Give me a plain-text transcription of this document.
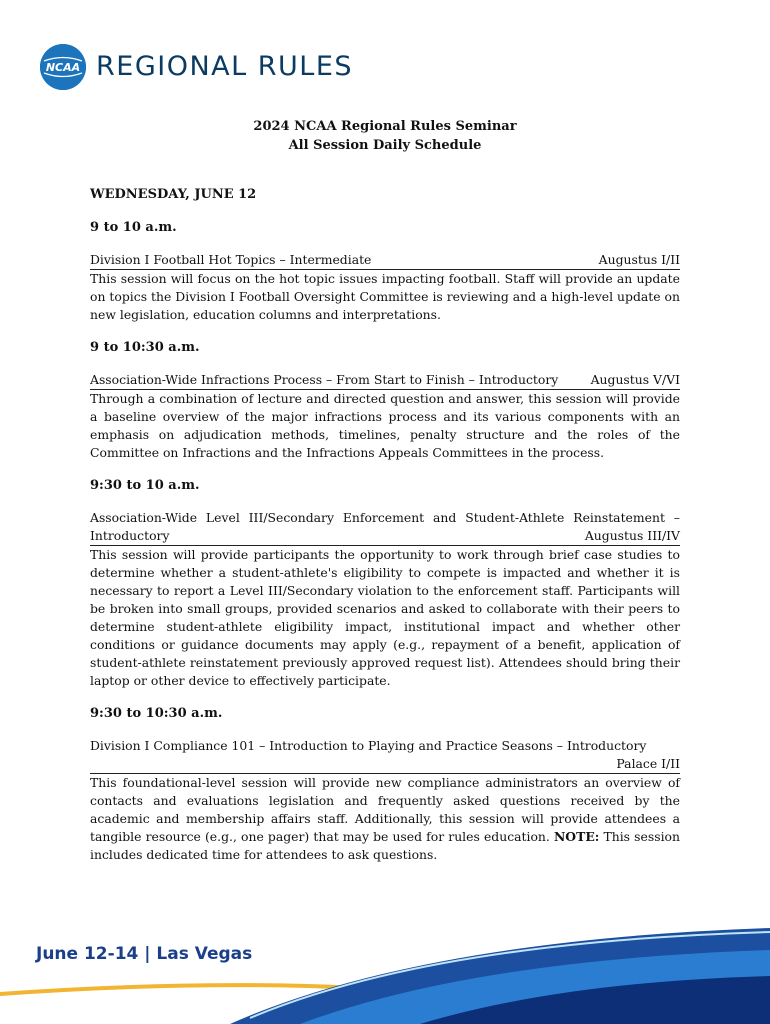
NCAA REGIONAL RULES
2024 NCAA Regional Rules Seminar
All Session Daily Schedule
WEDNESDAY, JUNE 12
9 to 10 a.m.
Division I Football Hot Topics – Intermediate	Augustus I/II

This session will focus on the hot topic issues impacting football. Staff will provide an update on topics the Division I Football Oversight Committee is reviewing and a high-level update on new legislation, education columns and interpretations.

9 to 10:30 a.m.
Association-Wide Infractions Process – From Start to Finish – Introductory	Augustus V/VI

Through a combination of lecture and directed question and answer, this session will provide a baseline overview of the major infractions process and its various components with an emphasis on adjudication methods, timelines, penalty structure and the roles of the Committee on Infractions and the Infractions Appeals Committees in the process.

9:30 to 10 a.m.
Association-Wide Level III/Secondary Enforcement and Student-Athlete Reinstatement –
Introductory	Augustus III/IV

This session will provide participants the opportunity to work through brief case studies to determine whether a student-athlete's eligibility to compete is impacted and whether it is necessary to report a Level III/Secondary violation to the enforcement staff. Participants will be broken into small groups, provided scenarios and asked to collaborate with their peers to determine student-athlete eligibility impact, institutional impact and whether other conditions or guidance documents may apply (e.g., repayment of a benefit, application of student-athlete reinstatement previously approved request list). Attendees should bring their laptop or other device to effectively participate.

9:30 to 10:30 a.m.
Division I Compliance 101 – Introduction to Playing and Practice Seasons – Introductory
Palace I/II

This foundational-level session will provide new compliance administrators an overview of contacts and evaluations legislation and frequently asked questions received by the academic and membership affairs staff. Additionally, this session will provide attendees a tangible resource (e.g., one pager) that may be used for rules education. NOTE: This session includes dedicated time for attendees to ask questions.

June 12-14 | Las Vegas
